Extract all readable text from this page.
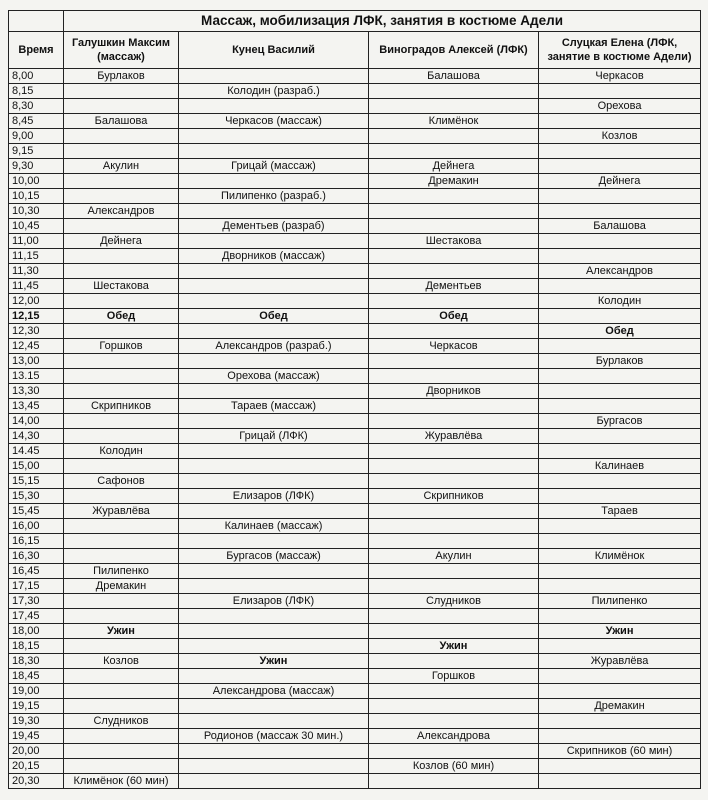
	Массаж, мобилизация ЛФК, занятия в костюме Адели			
Время	Галушкин Максим (массаж)	Кунец Василий	Виноградов Алексей (ЛФК)	Слуцкая Елена (ЛФК, занятие в костюме Адели)
8,00	Бурлаков		Балашова	Черкасов
8,15		Колодин (разраб.)		
8,30				Орехова
8,45	Балашова	Черкасов (массаж)	Климёнок	
9,00				Козлов
9,15				
9,30	Акулин	Грицай (массаж)	Дейнега	
10,00			Дремакин	Дейнега
10,15		Пилипенко (разраб.)		
10,30	Александров			
10,45		Дементьев (разраб)		Балашова
11,00	Дейнега		Шестакова	
11,15		Дворников (массаж)		
11,30				Александров
11,45	Шестакова		Дементьев	
12,00				Колодин
12,15	Обед	Обед	Обед	
12,30				Обед
12,45	Горшков	Александров (разраб.)	Черкасов	
13,00				Бурлаков
13.15		Орехова (массаж)		
13,30			Дворников	
13,45	Скрипников	Тараев (массаж)		
14,00				Бургасов
14,30		Грицай (ЛФК)	Журавлёва	
14.45	Колодин			
15,00				Калинаев
15,15	Сафонов			
15,30		Елизаров (ЛФК)	Скрипников	
15,45	Журавлёва			Тараев
16,00		Калинаев (массаж)		
16,15				
16,30		Бургасов (массаж)	Акулин	Климёнок
16,45	Пилипенко			
17,15	Дремакин			
17,30		Елизаров (ЛФК)	Слудников	Пилипенко
17,45				
18,00	Ужин			Ужин
18,15			Ужин	
18,30	Козлов	Ужин		Журавлёва
18,45			Горшков	
19,00		Александрова (массаж)		
19,15				Дремакин
19,30	Слудников			
19,45		Родионов (массаж 30 мин.)	Александрова	
20,00				Скрипников (60 мин)
20,15			Козлов (60 мин)	
20,30	Климёнок (60 мин)			
